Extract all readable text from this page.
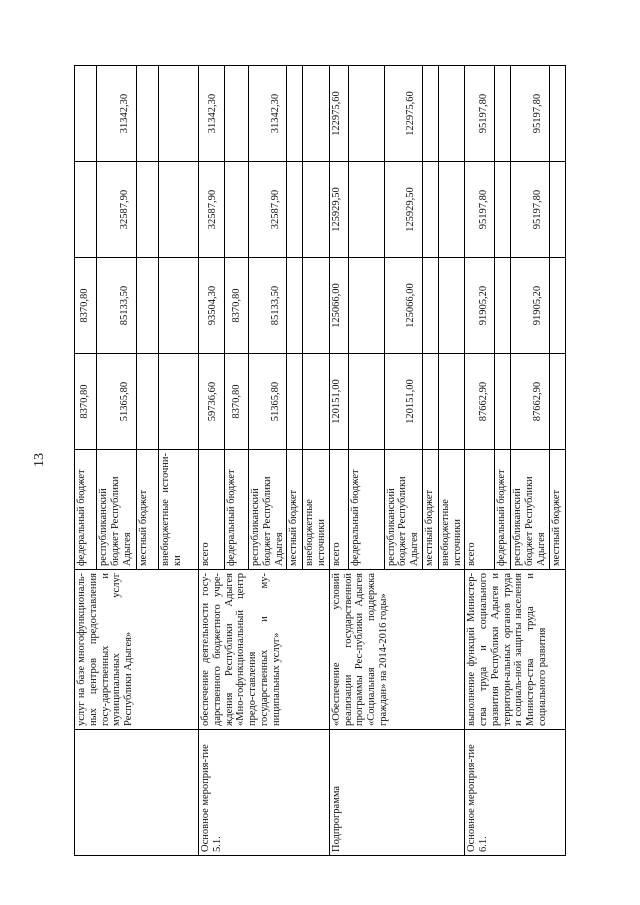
13
	услуг на базе многофункциональ-ных центров предоставления госу-дарственных и муниципальных услуг Республики Адыгея»	федеральный бюджет	8370,80	8370,80		
		республиканский бюджет Республики Адыгея	51365,80	85133,50	32587,90	31342,30
		местный бюджет				
		внебюджетные источни-ки				
Основное мероприя-тие 5.1.	обеспечение деятельности госу-дарственного бюджетного учре-ждения Республики Адыгея «Мно-гофункциональный центр предо-ставления государственных и му-ниципальных услуг»	всего	59736,60	93504,30	32587,90	31342,30
		федеральный бюджет	8370,80	8370,80		
		республиканский бюджет Республики Адыгея	51365,80	85133,50	32587,90	31342,30
		местный бюджет				
		внебюджетные источники				
Подпрограмма	«Обеспечение условий реализации государственной программы Рес-публики Адыгея «Социальная поддержка граждан» на 2014-2016 годы»	всего	120151,00	125066,00	125929,50	122975,60
		федеральный бюджет				
		республиканский бюджет Республики Адыгея	120151,00	125066,00	125929,50	122975,60
		местный бюджет				
		внебюджетные источники				
Основное мероприя-тие 6.1.	выполнение функций Министер-ства труда и социального развития Республики Адыгея и территори-альных органов труда и социаль-ной защиты населения Министер-ства труда и социального развития	всего	87662,90	91905,20	95197,80	95197,80
		федеральный бюджет				
		республиканский бюджет Республики Адыгея	87662,90	91905,20	95197,80	95197,80
		местный бюджет				
